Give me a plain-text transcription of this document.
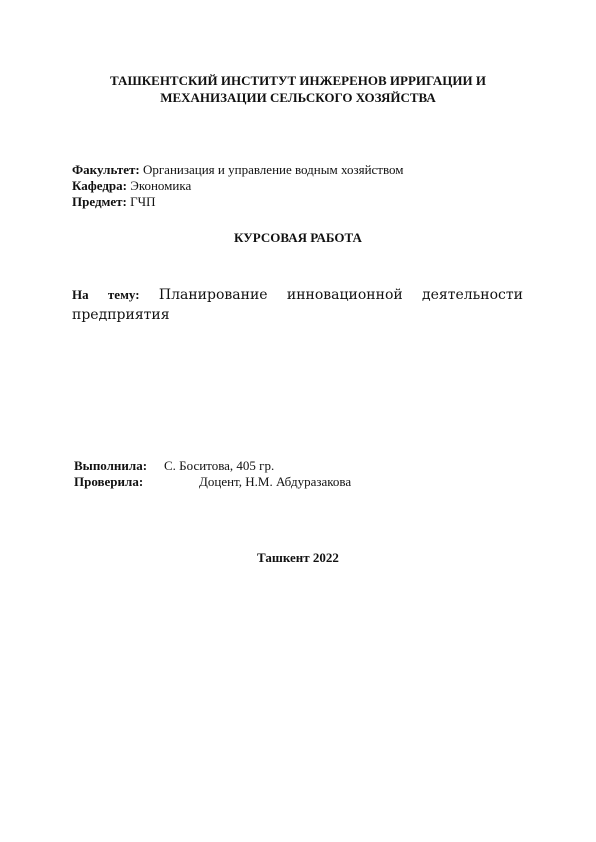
ТАШКЕНТСКИЙ ИНСТИТУТ ИНЖЕРЕНОВ ИРРИГАЦИИ И
МЕХАНИЗАЦИИ СЕЛЬСКОГО ХОЗЯЙСТВА
Факультет: Организация и управление водным хозяйством
Кафедра: Экономика
Предмет: ГЧП
КУРСОВАЯ РАБОТА
На тему: Планирование инновационной деятельности
предприятия
Выполнила: С. Боситова, 405 гр.
Проверила:	Доцент, Н.М. Абдуразакова
Ташкент 2022
